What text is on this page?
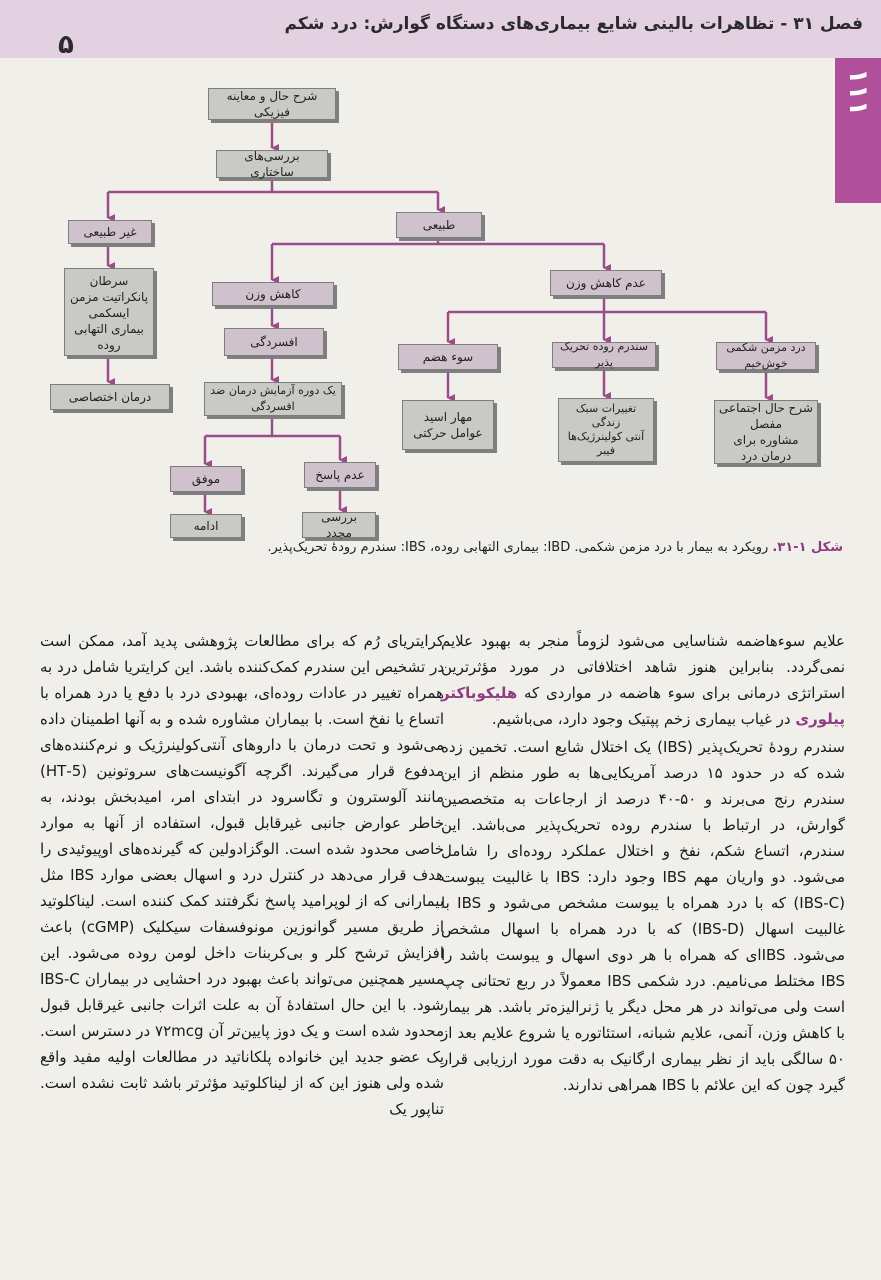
۱۱۱
فصل ۳۱ - تظاهرات بالینی شایع بیماری‌های دستگاه گوارش: درد شکم
۵
شرح حال و معاینه فیزیکی
بررسی‌های ساختاری
غیر طبیعی	طبیعی
سرطان
پانکراتیت مزمن
ایسکمی
بیماری التهابی روده
درمان اختصاصی
کاهش وزن
عدم کاهش وزن
افسردگی
یک دوره آزمایش درمان ضد افسردگی
موفق	عدم پاسخ
ادامه
بررسی مجدد
سوء هضم
سندرم روده تحریک پذیر
درد مزمن شکمی خوش‌خیم
مهار اسید
عوامل حرکتی
تغییرات سبک زندگی
آنتی کولینرژیک‌ها
فیبر
شرح حال اجتماعی مفصل
مشاوره برای درمان درد
شکل ۱-۳۱.رویکرد به بیمار با درد مزمن شکمی. IBD: بیماری التهابی روده، IBS: سندرم رودهٔ تحریک‌پذیر.

علایم سوءهاضمه شناسایی می‌شود لزوماً منجر به بهبود علایم نمی‌گردد. بنابراین هنوز شاهد اختلافاتی در مورد مؤثرترین استراتژی درمانی برای سوء هاضمه در مواردی که هلیکوباکتر پیلوری در غیاب بیماری زخم پپتیک وجود دارد، می‌باشیم.

سندرم رودهٔ تحریک‌پذیر (IBS) یک اختلال شایع است. تخمین زده شده که در حدود ۱۵ درصد آمریکایی‌ها به طور منظم از این سندرم رنج می‌برند و ۵۰-۴۰ درصد از ارجاعات به متخصصین گوارش، در ارتباط با سندرم روده تحریک‌پذیر می‌باشد. این سندرم، اتساع شکم، نفخ و اختلال عملکرد روده‌ای را شامل می‌شود. دو واریان مهم IBS وجود دارد: IBS با غالبیت یبوست (IBS-C) که با درد همراه با یبوست مشخص می‌شود و IBS با غالبیت اسهال (IBS-D) که با درد همراه با اسهال مشخص می‌شود. IBSای که همراه با هر دوی اسهال و یبوست باشد را IBS مختلط می‌نامیم. درد شکمی IBS معمولاً در ربع تحتانی چپ است ولی می‌تواند در هر محل دیگر یا ژنرالیزه‌تر باشد. هر بیمار با کاهش وزن، آنمی، علایم شبانه، استئاتوره یا شروع علایم بعد از ۵۰ سالگی باید از نظر بیماری ارگانیک به دقت مورد ارزیابی قرار گیرد چون که این علائم با IBS همراهی ندارند.

کرایتریای رُم که برای مطالعات پژوهشی پدید آمد، ممکن است در تشخیص این سندرم کمک‌کننده باشد. این کرایتریا شامل درد به همراه تغییر در عادات روده‌ای، بهبودی درد با دفع یا درد همراه با اتساع یا نفخ است. با بیماران مشاوره شده و به آنها اطمینان داده می‌شود و تحت درمان با داروهای آنتی‌کولینرژیک و نرم‌کننده‌های مدفوع قرار می‌گیرند. اگرچه آگونیست‌های سروتونین (5-HT) مانند آلوسترون و تگاسرود در ابتدای امر، امیدبخش بودند، به خاطر عوارض جانبی غیرقابل قبول، استفاده از آنها به موارد خاصی محدود شده است. الوگزادولین که گیرنده‌های اوپیوئیدی را هدف قرار می‌دهد در کنترل درد و اسهال بعضی موارد IBS مثل بیمارانی که از لوپرامید پاسخ نگرفتند کمک کننده است. لیناکلوتید از طریق مسیر گوانوزین مونوفسفات سیکلیک (cGMP) باعث افزایش ترشح کلر و بی‌کربنات داخل لومن روده می‌شود. این مسیر همچنین می‌تواند باعث بهبود درد احشایی در بیماران IBS-C شود. با این حال استفادهٔ آن به علت اثرات جانبی غیرقابل قبول محدود شده است و یک دوز پایین‌تر آن ۷۲mcg در دسترس است. یک عضو جدید این خانواده پلکاناتید در مطالعات اولیه مفید واقع شده ولی هنوز این که از لیناکلوتید مؤثرتر باشد ثابت نشده است. تناپور یک
